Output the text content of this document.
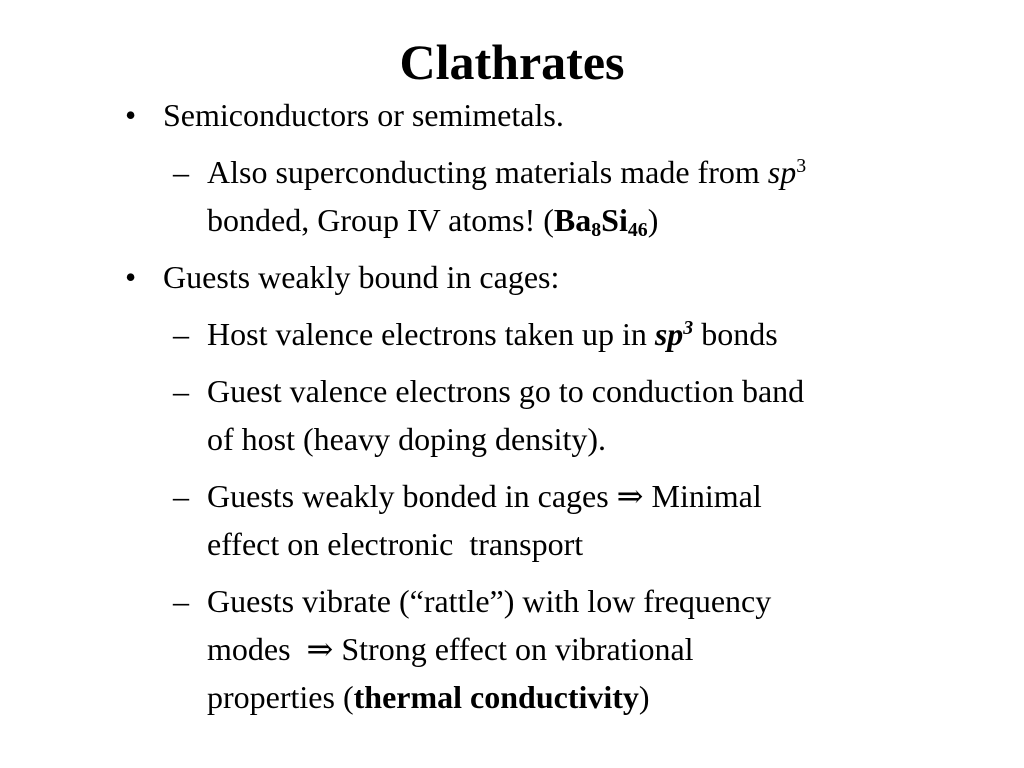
Clathrates
• Semiconductors or semimetals.
– Also superconducting materials made from $sp^3$
bonded, Group IV atoms! $(Ba_8Si_{46})$
• Guests weakly bound in cages:
– Host valence electrons taken up in $sp^3$ bonds
– Guest valence electrons go to conduction band
of host (heavy doping density).
– Guests weakly bonded in cages ⇒ Minimal
effect on electronic  transport
– Guests vibrate (“rattle”) with low frequency
modes  ⇒ Strong effect on vibrational
properties (thermal conductivity)
